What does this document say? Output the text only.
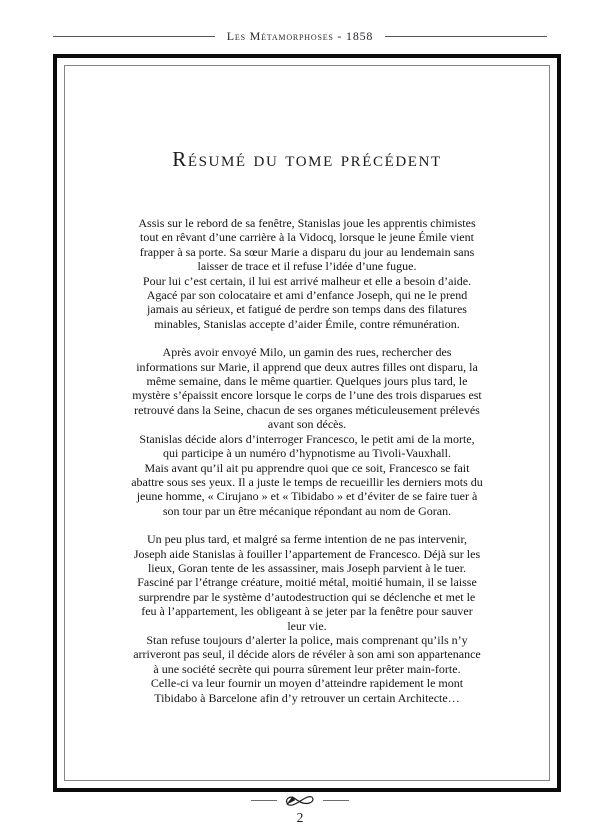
Les Métamorphoses - 1858
Résumé du tome précédent

Assis sur le rebord de sa fenêtre, Stanislas joue les apprentis chimistes tout en rêvant d’une carrière à la Vidocq, lorsque le jeune Émile vient frapper à sa porte. Sa sœur Marie a disparu du jour au lendemain sans laisser de trace et il refuse l’idée d’une fugue.

Pour lui c’est certain, il lui est arrivé malheur et elle a besoin d’aide.

Agacé par son colocataire et ami d’enfance Joseph, qui ne le prend jamais au sérieux, et fatigué de perdre son temps dans des filatures minables, Stanislas accepte d’aider Émile, contre rémunération.

Après avoir envoyé Milo, un gamin des rues, rechercher des informations sur Marie, il apprend que deux autres filles ont disparu, la même semaine, dans le même quartier. Quelques jours plus tard, le mystère s’épaissit encore lorsque le corps de l’une des trois disparues est retrouvé dans la Seine, chacun de ses organes méticuleusement prélevés avant son décès.

Stanislas décide alors d’interroger Francesco, le petit ami de la morte, qui participe à un numéro d’hypnotisme au Tivoli-Vauxhall.

Mais avant qu’il ait pu apprendre quoi que ce soit, Francesco se fait abattre sous ses yeux. Il a juste le temps de recueillir les derniers mots du jeune homme, « Cirujano » et « Tibidabo » et d’éviter de se faire tuer à son tour par un être mécanique répondant au nom de Goran.

Un peu plus tard, et malgré sa ferme intention de ne pas intervenir, Joseph aide Stanislas à fouiller l’appartement de Francesco. Déjà sur les lieux, Goran tente de les assassiner, mais Joseph parvient à le tuer.

Fasciné par l’étrange créature, moitié métal, moitié humain, il se laisse surprendre par le système d’autodestruction qui se déclenche et met le feu à l’appartement, les obligeant à se jeter par la fenêtre pour sauver leur vie.

Stan refuse toujours d’alerter la police, mais comprenant qu’ils n’y arriveront pas seul, il décide alors de révéler à son ami son appartenance à une société secrète qui pourra sûrement leur prêter main-forte.

Celle-ci va leur fournir un moyen d’atteindre rapidement le mont Tibidabo à Barcelone afin d’y retrouver un certain Architecte…

2
